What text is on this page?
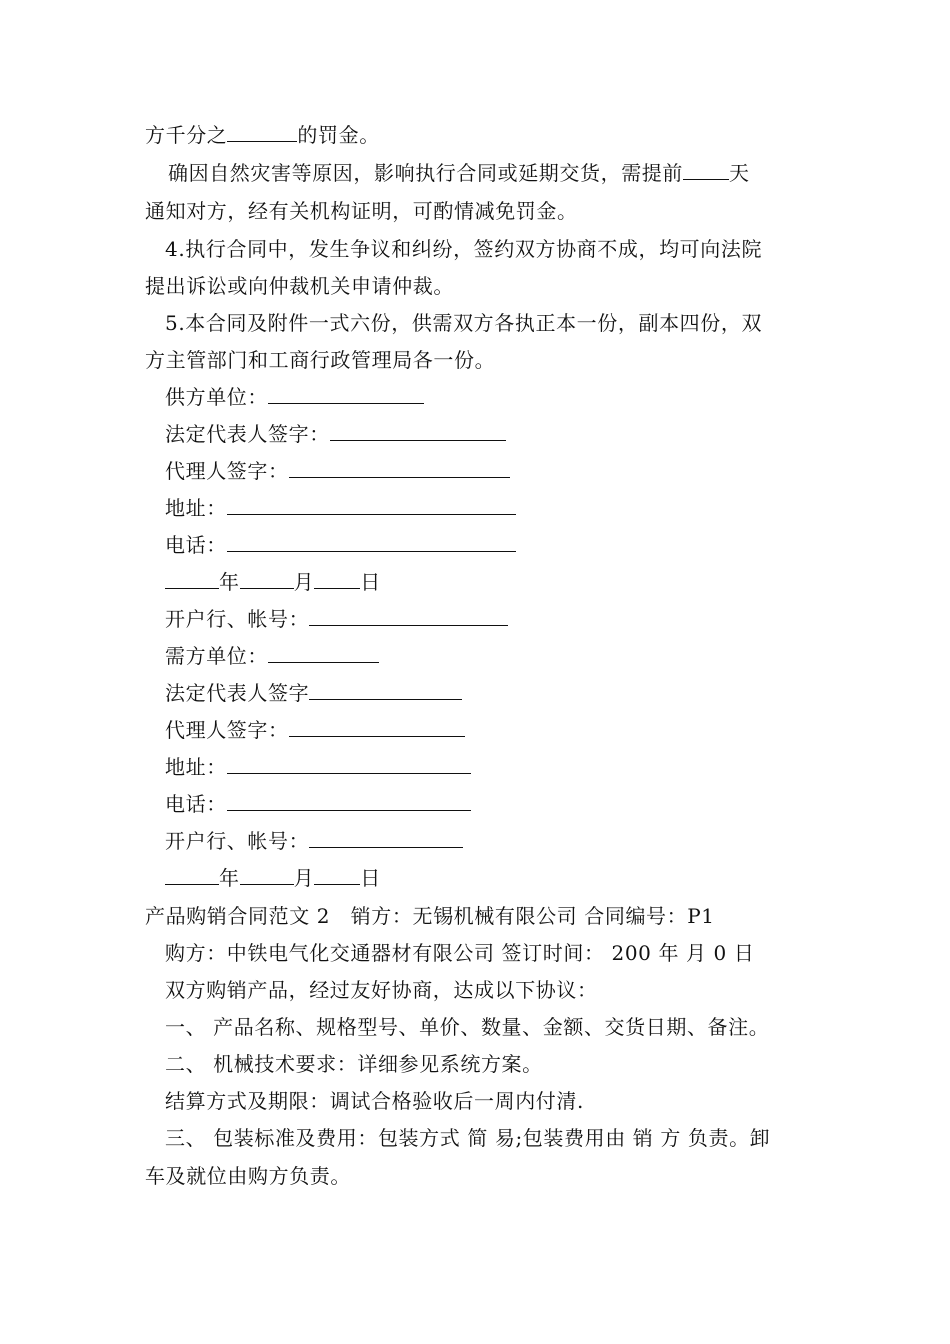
方千分之	的罚金。
确因自然灾害等原因，影响执行合同或延期交货，需提前 天
通知对方，经有关机构证明，可酌情减免罚金。
4.执行合同中，发生争议和纠纷，签约双方协商不成，均可向法院
提出诉讼或向仲裁机关申请仲裁。
5.本合同及附件一式六份，供需双方各执正本一份，副本四份，双
方主管部门和工商行政管理局各一份。
供方单位：
法定代表人签字：
代理人签字：
地址：
电话：
年	月 日
开户行、帐号：
需方单位：
法定代表人签字
代理人签字：
地址：
电话：
开户行、帐号：
年	月 日
产品购销合同范文 2　销方：无锡机械有限公司 合同编号：P1
购方：中铁电气化交通器材有限公司 签订时间： 200 年 月 0 日
双方购销产品，经过友好协商，达成以下协议：
一、 产品名称、规格型号、单价、数量、金额、交货日期、备注。
二、 机械技术要求：详细参见系统方案。
结算方式及期限：调试合格验收后一周内付清.
三、 包装标准及费用：包装方式 简 易;包装费用由 销 方 负责。卸
车及就位由购方负责。
